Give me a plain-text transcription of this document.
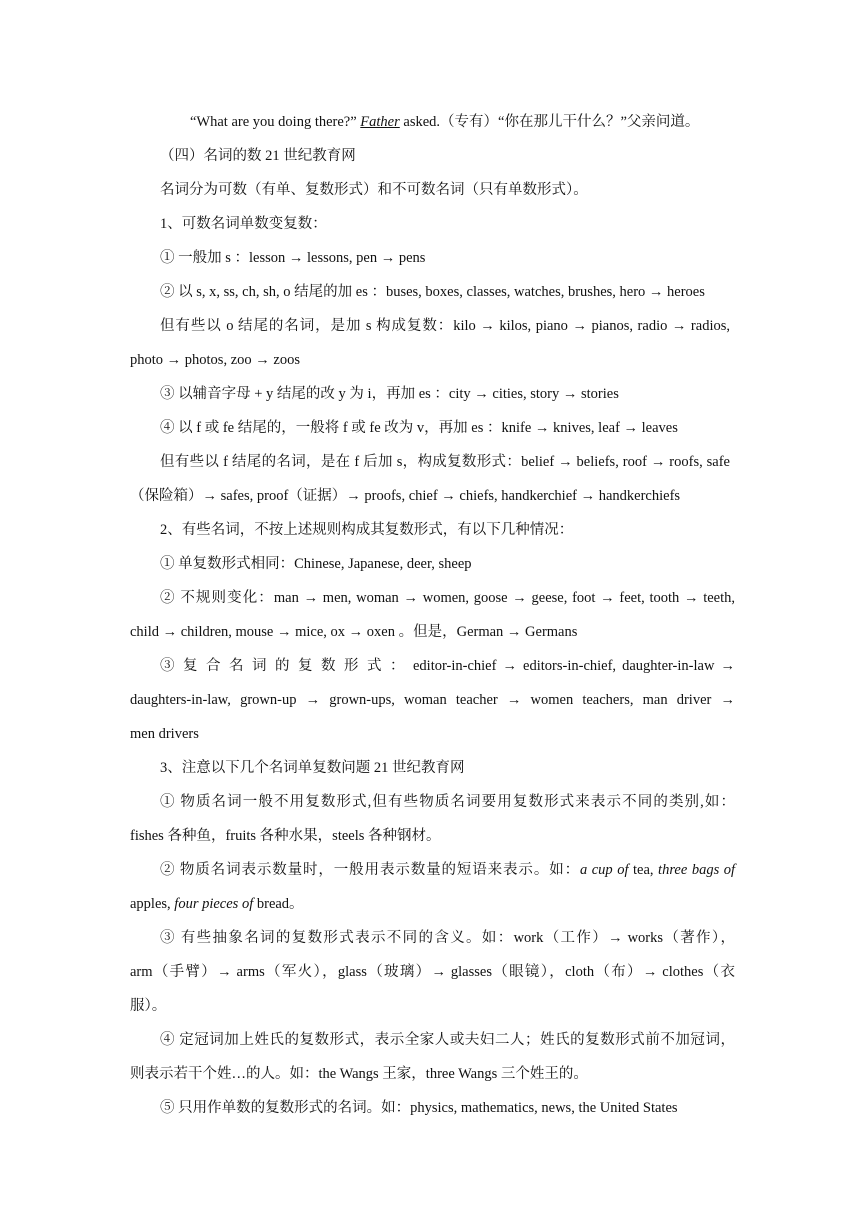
“What are you doing there?” Father asked.（专有）“你在那儿干什么？”父亲问道。
（四）名词的数 21 世纪教育网
名词分为可数（有单、复数形式）和不可数名词（只有单数形式）。
1、可数名词单数变复数：
① 一般加 s ：lesson → lessons, pen → pens
② 以 s, x, ss, ch, sh, o 结尾的加 es ：buses, boxes, classes, watches, brushes, hero → heroes
但有些以 o 结尾的名词，是加 s 构成复数：kilo → kilos, piano → pianos, radio → radios,
photo → photos, zoo → zoos
③ 以辅音字母 + y 结尾的改 y 为 i，再加 es ：city → cities, story → stories
④ 以 f 或 fe 结尾的，一般将 f 或 fe 改为 v，再加 es ：knife → knives, leaf → leaves
但有些以 f 结尾的名词，是在 f 后加 s，构成复数形式：belief → beliefs, roof → roofs, safe
（保险箱）→ safes, proof（证据）→ proofs, chief → chiefs, handkerchief → handkerchiefs
2、有些名词，不按上述规则构成其复数形式，有以下几种情况：
① 单复数形式相同：Chinese, Japanese, deer, sheep
② 不规则变化：man → men, woman → women, goose → geese, foot → feet, tooth → teeth,
child → children, mouse → mice, ox → oxen 。但是，German → Germans
③ 复 合 名 词 的 复 数 形 式 ： editor-in-chief → editors-in-chief, daughter-in-law →
daughters-in-law, grown-up → grown-ups, woman teacher → women teachers, man driver →
men drivers
3、注意以下几个名词单复数问题 21 世纪教育网
① 物质名词一般不用复数形式,但有些物质名词要用复数形式来表示不同的类别,如：
fishes 各种鱼，fruits 各种水果，steels 各种钢材。
② 物质名词表示数量时，一般用表示数量的短语来表示。如：a cup of tea, three bags of
apples, four pieces of bread。
③ 有些抽象名词的复数形式表示不同的含义。如：work（工作）→ works（著作），
arm（手臂）→ arms（军火），glass（玻璃）→ glasses（眼镜），cloth（布）→ clothes（衣
服）。
④ 定冠词加上姓氏的复数形式，表示全家人或夫妇二人；姓氏的复数形式前不加冠词，
则表示若干个姓…的人。如：the Wangs 王家，three Wangs 三个姓王的。
⑤ 只用作单数的复数形式的名词。如：physics, mathematics, news, the United States
